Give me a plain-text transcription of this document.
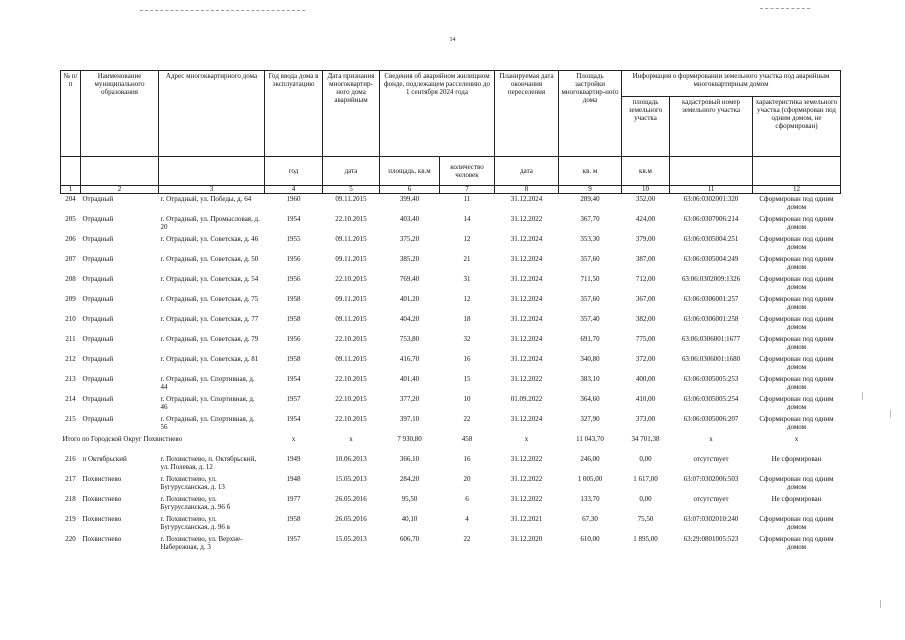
14
№ п/п	Наименование муниципального образования	Адрес многоквартирного дома	Год ввода дома в эксплуатацию	Дата признания многоквартир-ного дома аварийным	Сведения об аварийном жилищном фонде, подлежащем расселению до 1 сентября 2024 года		Планируемая дата окончания переселения	Площадь застройки многоквартир-ного дома	Информация о формировании земельного участка под аварийным многоквартирным домом		
									площадь земельного участка	кадастровый номер земельного участка	характеристика земельного участка (сформирован под одним домом, не сформирован)
			год	дата	площадь, кв.м	количество человек	дата	кв. м	кв.м		
1	2	3	4	5	6	7	8	9	10	11	12
204	Отрадный	г. Отрадный, ул. Победы, д. 64	1960	09.11.2015	399,40	11	31.12.2024	289,40	352,00	63:06:0302001:320	Сформирован под одним домом
205	Отрадный	г. Отрадный, ул. Промысловая, д. 20	1954	22.10.2015	403,40	14	31.12.2022	367,70	424,00	63:06:0307006:214	Сформирован под одним домом
206	Отрадный	г. Отрадный, ул. Советская, д. 46	1955	09.11.2015	375,20	12	31.12.2024	353,30	379,00	63:06:0305004:251	Сформирован под одним домом
207	Отрадный	г. Отрадный, ул. Советская, д. 50	1956	09.11.2015	385,20	21	31.12.2024	357,60	387,00	63:06:0305004:249	Сформирован под одним домом
208	Отрадный	г. Отрадный, ул. Советская, д. 54	1956	22.10.2015	769,40	31	31.12.2024	711,50	712,00	63:06:0302009:1326	Сформирован под одним домом
209	Отрадный	г. Отрадный, ул. Советская, д. 75	1958	09.11.2015	401,20	12	31.12.2024	357,60	367,00	63:06:0306001:257	Сформирован под одним домом
210	Отрадный	г. Отрадный, ул. Советская, д. 77	1958	09.11.2015	404,20	18	31.12.2024	357,40	382,00	63:06:0306001:258	Сформирован под одним домом
211	Отрадный	г. Отрадный, ул. Советская, д. 79	1956	22.10.2015	753,80	32	31.12.2024	691,70	775,00	63:06:0306001:1677	Сформирован под одним домом
212	Отрадный	г. Отрадный, ул. Советская, д. 81	1958	09.11.2015	416,70	16	31.12.2024	340,80	372,00	63:06:0306001:1680	Сформирован под одним домом
213	Отрадный	г. Отрадный, ул. Спортивная, д. 44	1954	22.10.2015	401,40	15	31.12.2022	383,10	400,00	63:06:0305005:253	Сформирован под одним домом
214	Отрадный	г. Отрадный, ул. Спортивная, д. 46	1957	22.10.2015	377,20	10	01.09.2022	364,60	410,00	63:06:0305005:254	Сформирован под одним домом
215	Отрадный	г. Отрадный, ул. Спортивная, д. 56	1954	22.10.2015	397,10	22	31.12.2024	327,90	373,00	63:06:0305006:207	Сформирован под одним домом
Итого по Городской Округ Похвистнево			х	х	7 930,80	458	х	11 043,70	34 701,38	х	х
216	п Октябрьский	г. Похвистнево, п. Октябрьский, ул. Полевая, д. 12	1949	10.06.2013	366,10	16	31.12.2022	246,00	0,00	отсутствует	Не сформирован
217	Похвистнево	г. Похвистнево, ул. Бугурусланская, д. 13	1948	15.05.2013	284,20	20	31.12.2022	1 005,00	1 617,00	63:07:0302006:503	Сформирован под одним домом
218	Похвистнево	г. Похвистнево, ул. Бугурусланская, д. 96 б	1977	26.05.2016	95,50	6	31.12.2022	133,70	0,00	отсутствует	Не сформирован
219	Похвистнево	г. Похвистнево, ул. Бугурусланская, д. 96 в	1958	26.05.2016	40,10	4	31.12.2021	67,30	75,50	63:07:0302010:240	Сформирован под одним домом
220	Похвистнево	г. Похвистнево, ул. Верхне-Набережная, д. 3	1957	15.05.2013	606,70	22	31.12.2020	610,00	1 895,00	63:29:0801005:523	Сформирован под одним домом
